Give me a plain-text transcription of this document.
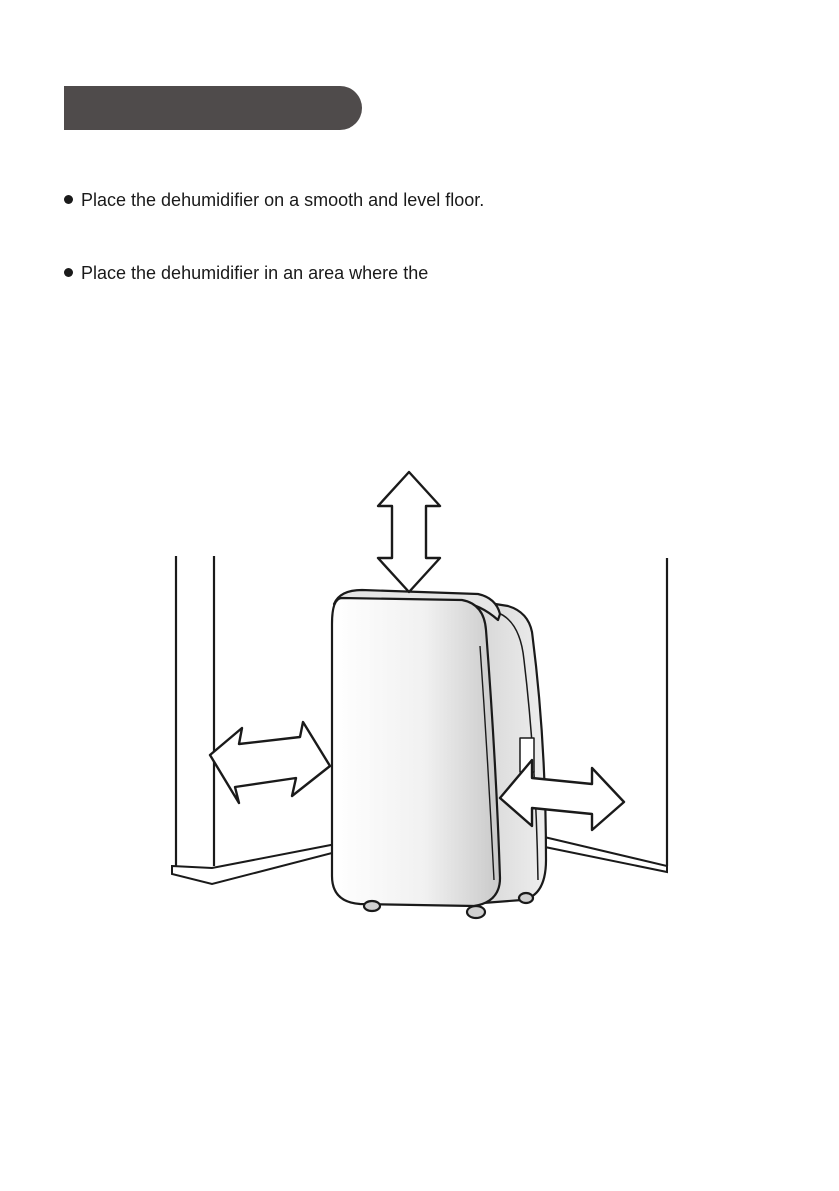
Place the dehumidifier on a smooth and level floor.
Place the dehumidifier in an area where the
